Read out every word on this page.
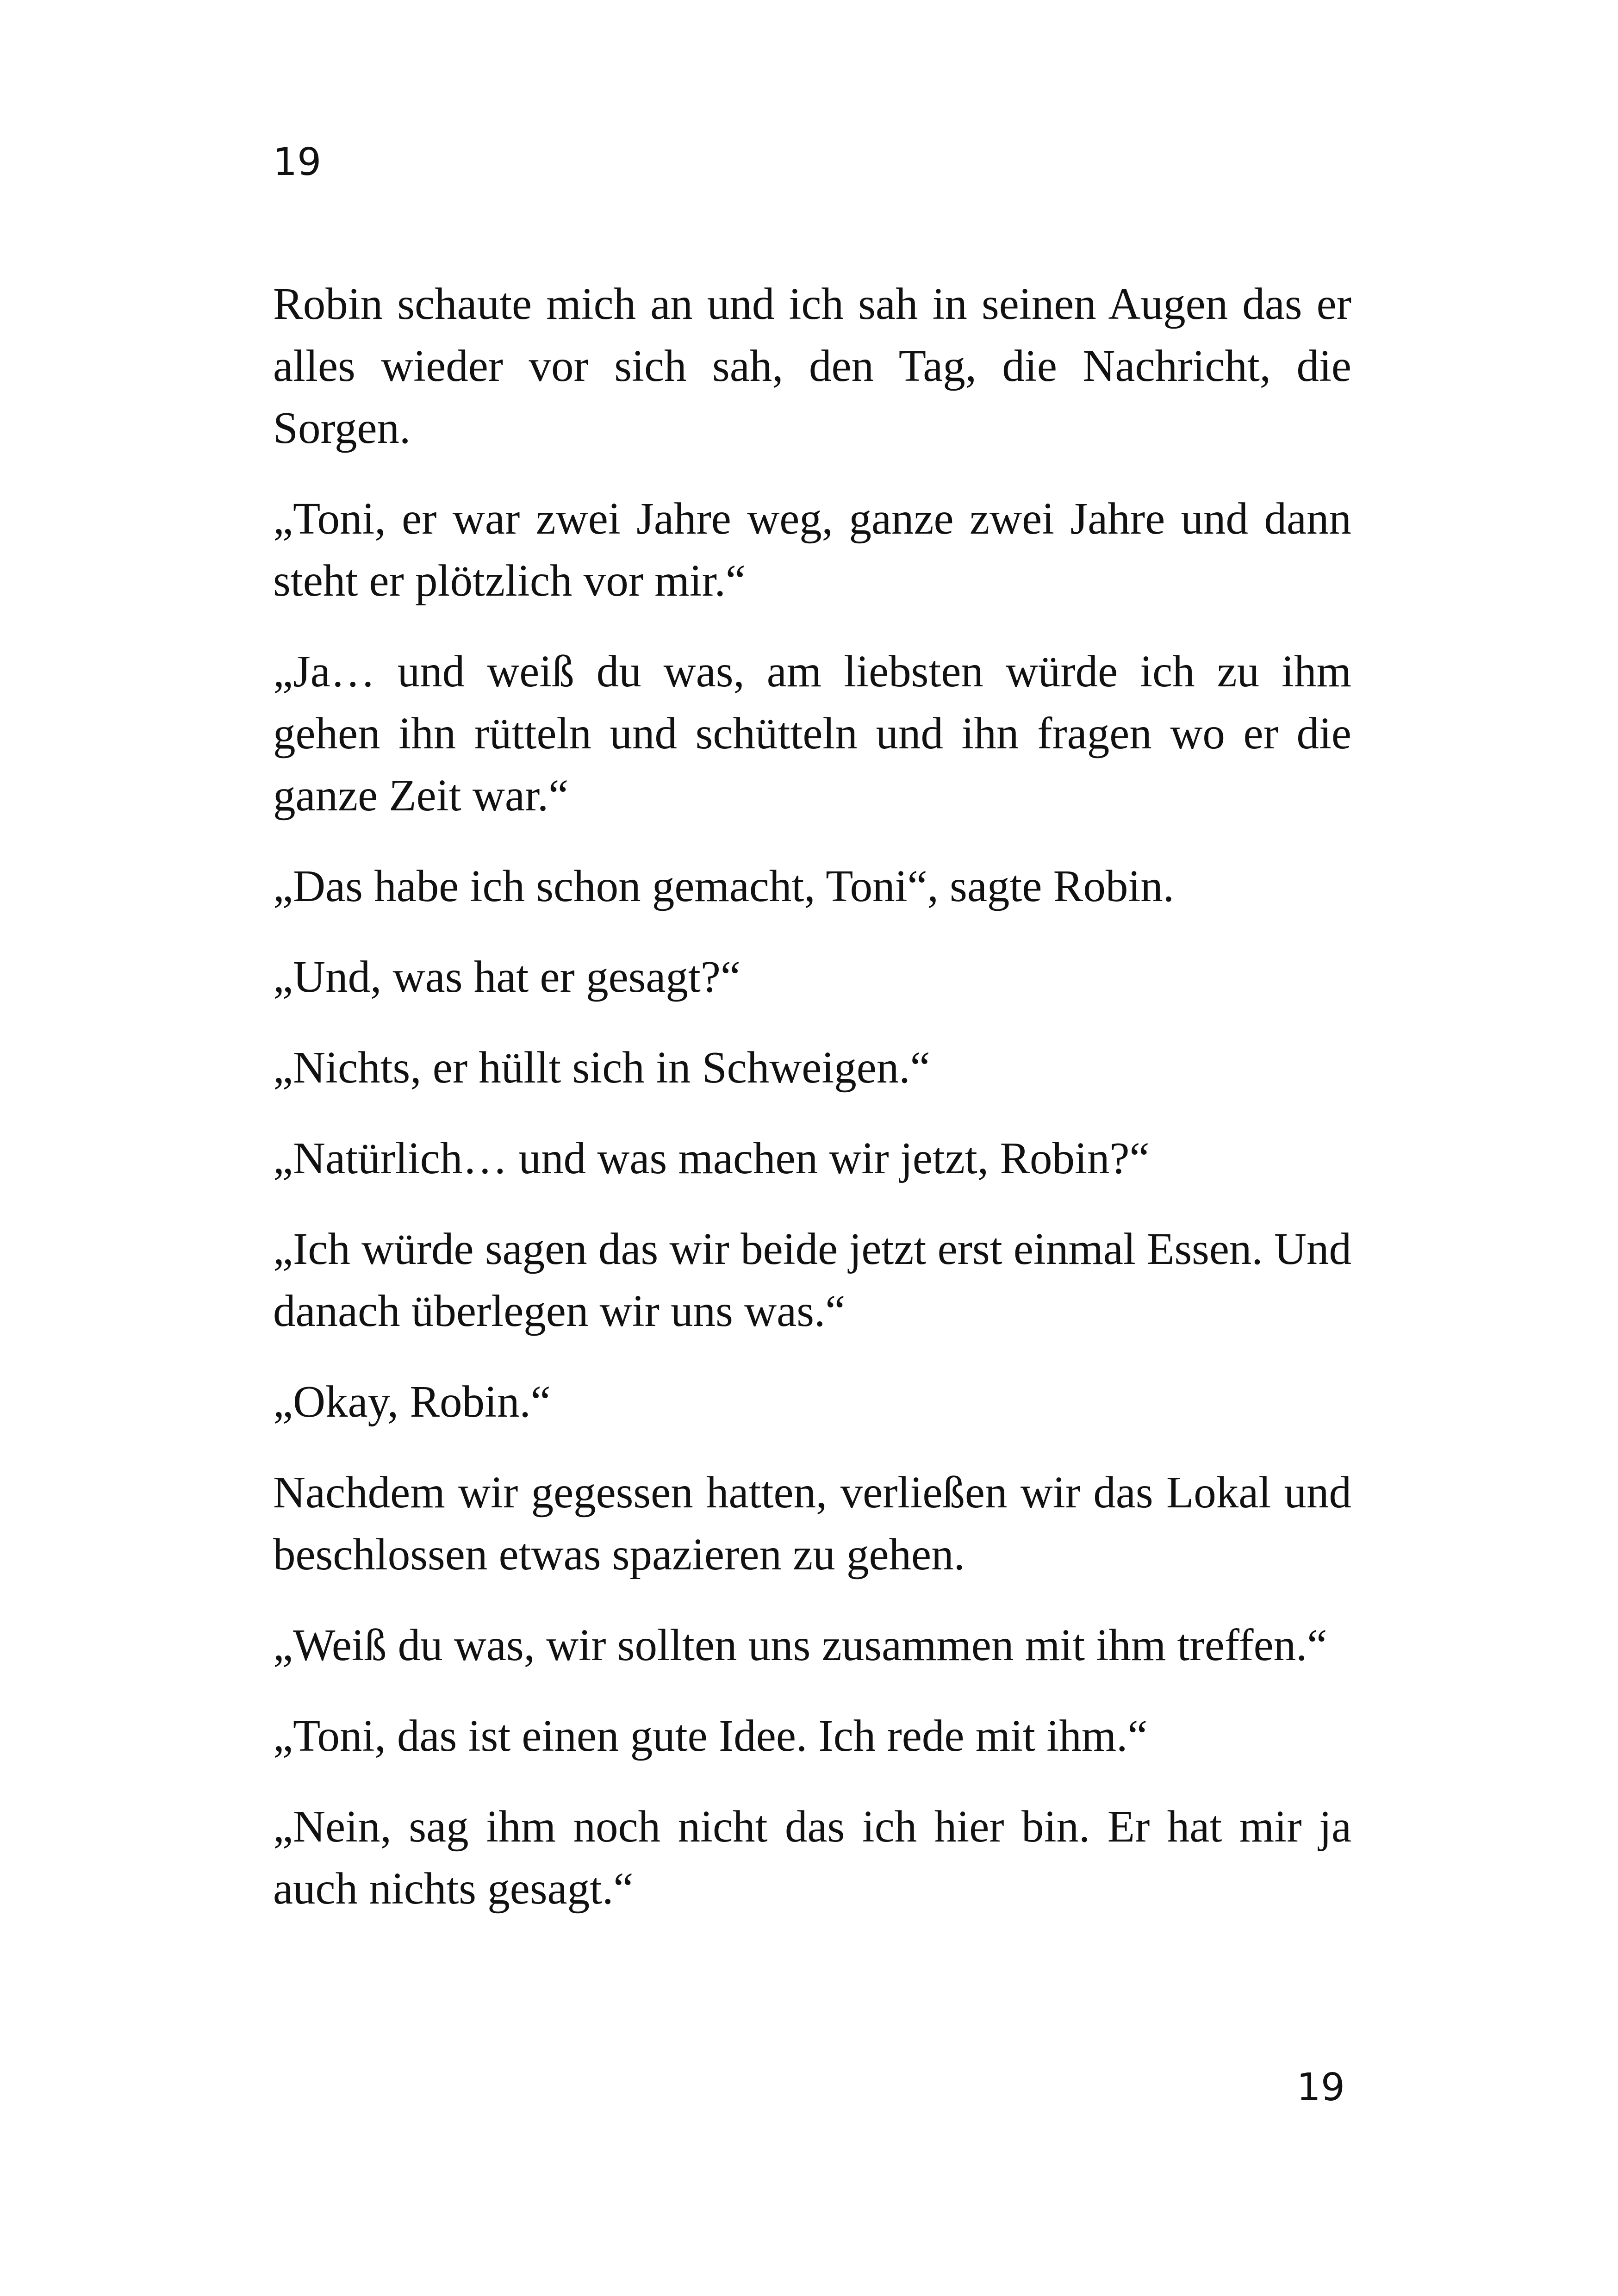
19

Robin schaute mich an und ich sah in seinen Augen das er alles wieder vor sich sah, den Tag, die Nachricht, die Sorgen.

„Toni, er war zwei Jahre weg, ganze zwei Jahre und dann steht er plötzlich vor mir.“

„Ja… und weiß du was, am liebsten würde ich zu ihm gehen ihn rütteln und schütteln und ihn fragen wo er die ganze Zeit war.“

„Das habe ich schon gemacht, Toni“, sagte Robin.

„Und, was hat er gesagt?“

„Nichts, er hüllt sich in Schweigen.“

„Natürlich… und was machen wir jetzt, Robin?“

„Ich würde sagen das wir beide jetzt erst einmal Essen. Und danach überlegen wir uns was.“

„Okay, Robin.“

Nachdem wir gegessen hatten, verließen wir das Lokal und beschlossen etwas spazieren zu gehen.

„Weiß du was, wir sollten uns zusammen mit ihm treffen.“

„Toni, das ist einen gute Idee. Ich rede mit ihm.“

„Nein, sag ihm noch nicht das ich hier bin. Er hat mir ja auch nichts gesagt.“

19
